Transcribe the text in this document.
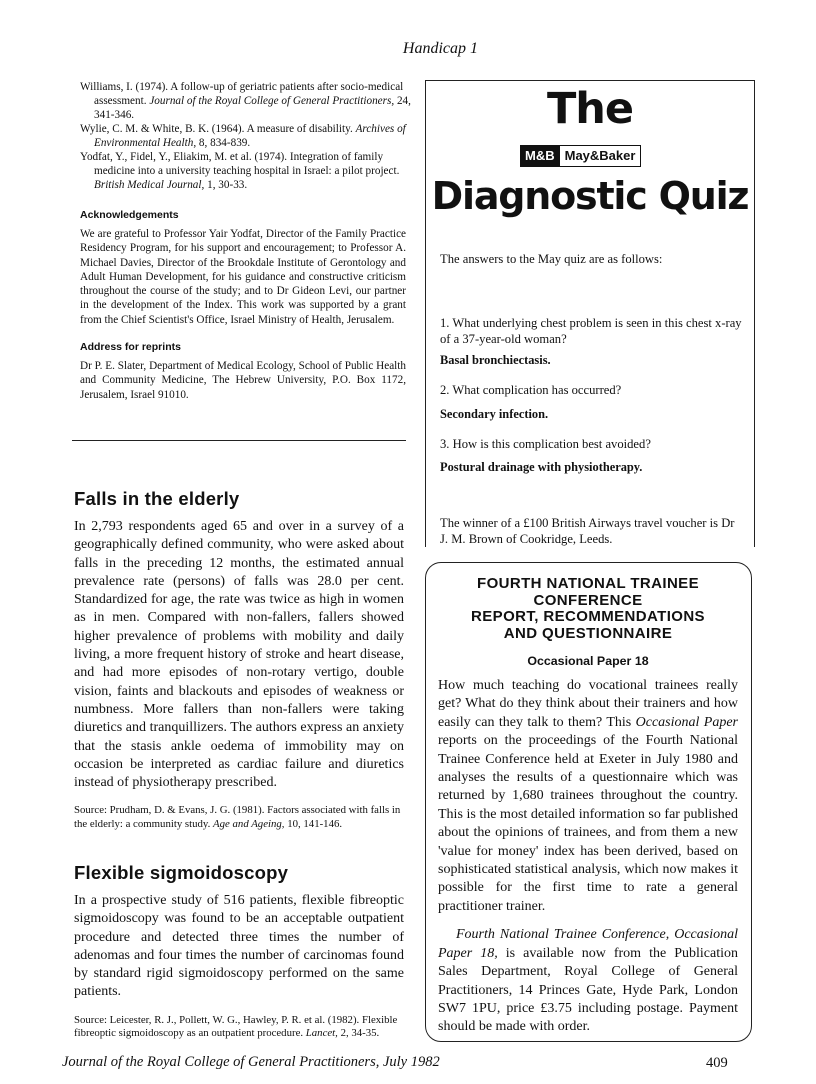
Handicap 1

Williams, I. (1974). A follow-up of geriatric patients after socio-medical assessment. Journal of the Royal College of General Practitioners, 24, 341-346.

Wylie, C. M. & White, B. K. (1964). A measure of disability. Archives of Environmental Health, 8, 834-839.

Yodfat, Y., Fidel, Y., Eliakim, M. et al. (1974). Integration of family medicine into a university teaching hospital in Israel: a pilot project. British Medical Journal, 1, 30-33.

Acknowledgements

We are grateful to Professor Yair Yodfat, Director of the Family Practice Residency Program, for his support and encouragement; to Professor A. Michael Davies, Director of the Brookdale Institute of Gerontology and Adult Human Development, for his guidance and constructive criticism throughout the course of the study; and to Dr Gideon Levi, our partner in the development of the Index. This work was supported by a grant from the Chief Scientist's Office, Israel Ministry of Health, Jerusalem.

Address for reprints

Dr P. E. Slater, Department of Medical Ecology, School of Public Health and Community Medicine, The Hebrew University, P.O. Box 1172, Jerusalem, Israel 91010.

Falls in the elderly

In 2,793 respondents aged 65 and over in a survey of a geographically defined community, who were asked about falls in the preceding 12 months, the estimated annual prevalence rate (persons) of falls was 28.0 per cent. Standardized for age, the rate was twice as high in women as in men. Compared with non-fallers, fallers showed higher prevalence of problems with mobility and daily living, a more frequent history of stroke and heart disease, and had more episodes of non-rotary vertigo, double vision, faints and blackouts and episodes of weakness or numbness. More fallers than non-fallers were taking diuretics and tranquillizers. The authors express an anxiety that the stasis ankle oedema of immobility may on occasion be interpreted as cardiac failure and diuretics instead of physiotherapy prescribed.

Source: Prudham, D. & Evans, J. G. (1981). Factors associated with falls in the elderly: a community study. Age and Ageing, 10, 141-146.

Flexible sigmoidoscopy

In a prospective study of 516 patients, flexible fibreoptic sigmoidoscopy was found to be an acceptable outpatient procedure and detected three times the number of adenomas and four times the number of carcinomas found by standard rigid sigmoidoscopy performed on the same patients.

Source: Leicester, R. J., Pollett, W. G., Hawley, P. R. et al. (1982). Flexible fibreoptic sigmoidoscopy as an outpatient procedure. Lancet, 2, 34-35.

The
M&B May&Baker
Diagnostic Quiz

The answers to the May quiz are as follows:

1. What underlying chest problem is seen in this chest x-ray of a 37-year-old woman?

Basal bronchiectasis.

2. What complication has occurred?

Secondary infection.

3. How is this complication best avoided?

Postural drainage with physiotherapy.

The winner of a £100 British Airways travel voucher is Dr J. M. Brown of Cookridge, Leeds.

FOURTH NATIONAL TRAINEE

CONFERENCE

REPORT, RECOMMENDATIONS

AND QUESTIONNAIRE

Occasional Paper 18

How much teaching do vocational trainees really get? What do they think about their trainers and how easily can they talk to them? This Occasional Paper reports on the proceedings of the Fourth National Trainee Conference held at Exeter in July 1980 and analyses the results of a questionnaire which was returned by 1,680 trainees throughout the country. This is the most detailed information so far published about the opinions of trainees, and from them a new 'value for money' index has been derived, based on sophisticated statistical analysis, which now makes it possible for the first time to rate a general practitioner trainer.

Fourth National Trainee Conference, Occasional Paper 18, is available now from the Publication Sales Department, Royal College of General Practitioners, 14 Princes Gate, Hyde Park, London SW7 1PU, price £3.75 including postage. Payment should be made with order.

Journal of the Royal College of General Practitioners, July 1982	409
